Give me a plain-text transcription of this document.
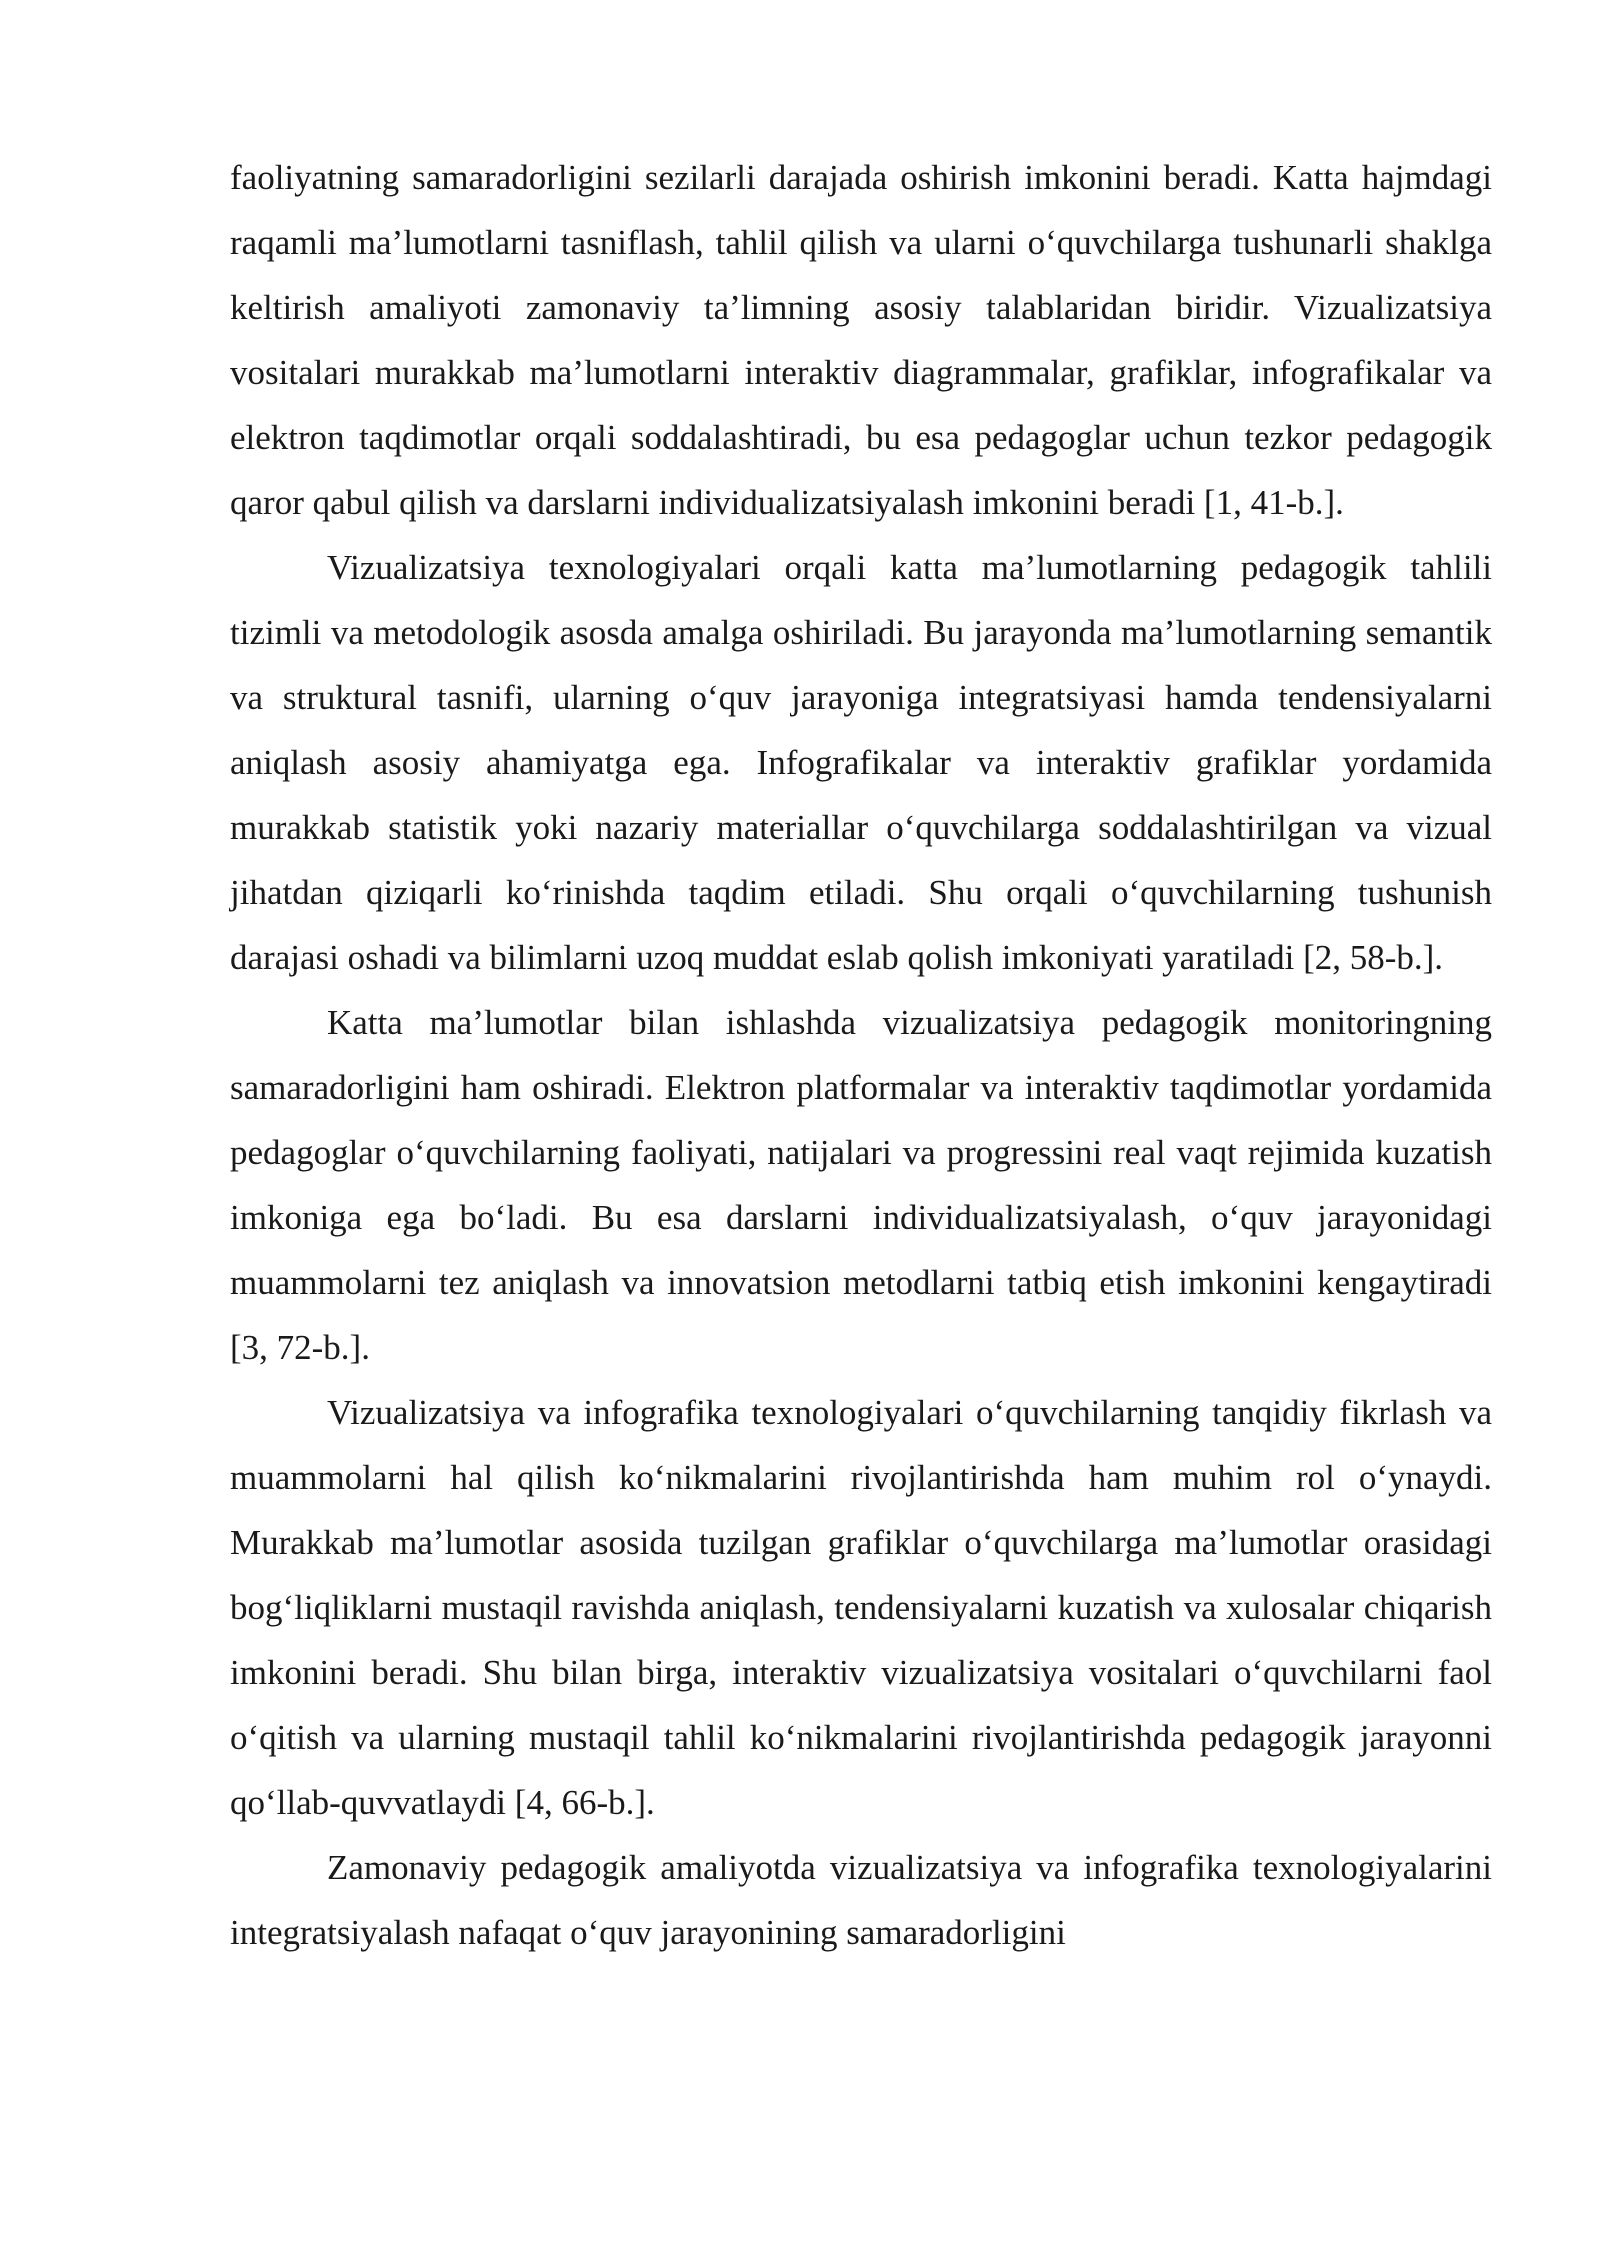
faoliyatning samaradorligini sezilarli darajada oshirish imkonini beradi. Katta hajmdagi raqamli ma’lumotlarni tasniflash, tahlil qilish va ularni o‘quvchilarga tushunarli shaklga keltirish amaliyoti zamonaviy ta’limning asosiy talablaridan biridir. Vizualizatsiya vositalari murakkab ma’lumotlarni interaktiv diagrammalar, grafiklar, infografikalar va elektron taqdimotlar orqali soddalashtiradi, bu esa pedagoglar uchun tezkor pedagogik qaror qabul qilish va darslarni individualizatsiyalash imkonini beradi [1, 41-b.].

Vizualizatsiya texnologiyalari orqali katta ma’lumotlarning pedagogik tahlili tizimli va metodologik asosda amalga oshiriladi. Bu jarayonda ma’lumotlarning semantik va struktural tasnifi, ularning o‘quv jarayoniga integratsiyasi hamda tendensiyalarni aniqlash asosiy ahamiyatga ega. Infografikalar va interaktiv grafiklar yordamida murakkab statistik yoki nazariy materiallar o‘quvchilarga soddalashtirilgan va vizual jihatdan qiziqarli ko‘rinishda taqdim etiladi. Shu orqali o‘quvchilarning tushunish darajasi oshadi va bilimlarni uzoq muddat eslab qolish imkoniyati yaratiladi [2, 58-b.].

Katta ma’lumotlar bilan ishlashda vizualizatsiya pedagogik monitoringning samaradorligini ham oshiradi. Elektron platformalar va interaktiv taqdimotlar yordamida pedagoglar o‘quvchilarning faoliyati, natijalari va progressini real vaqt rejimida kuzatish imkoniga ega bo‘ladi. Bu esa darslarni individualizatsiyalash, o‘quv jarayonidagi muammolarni tez aniqlash va innovatsion metodlarni tatbiq etish imkonini kengaytiradi [3, 72-b.].

Vizualizatsiya va infografika texnologiyalari o‘quvchilarning tanqidiy fikrlash va muammolarni hal qilish ko‘nikmalarini rivojlantirishda ham muhim rol o‘ynaydi. Murakkab ma’lumotlar asosida tuzilgan grafiklar o‘quvchilarga ma’lumotlar orasidagi bog‘liqliklarni mustaqil ravishda aniqlash, tendensiyalarni kuzatish va xulosalar chiqarish imkonini beradi. Shu bilan birga, interaktiv vizualizatsiya vositalari o‘quvchilarni faol o‘qitish va ularning mustaqil tahlil ko‘nikmalarini rivojlantirishda pedagogik jarayonni qo‘llab-quvvatlaydi [4, 66-b.].

Zamonaviy pedagogik amaliyotda vizualizatsiya va infografika texnologiyalarini integratsiyalash nafaqat o‘quv jarayonining samaradorligini
